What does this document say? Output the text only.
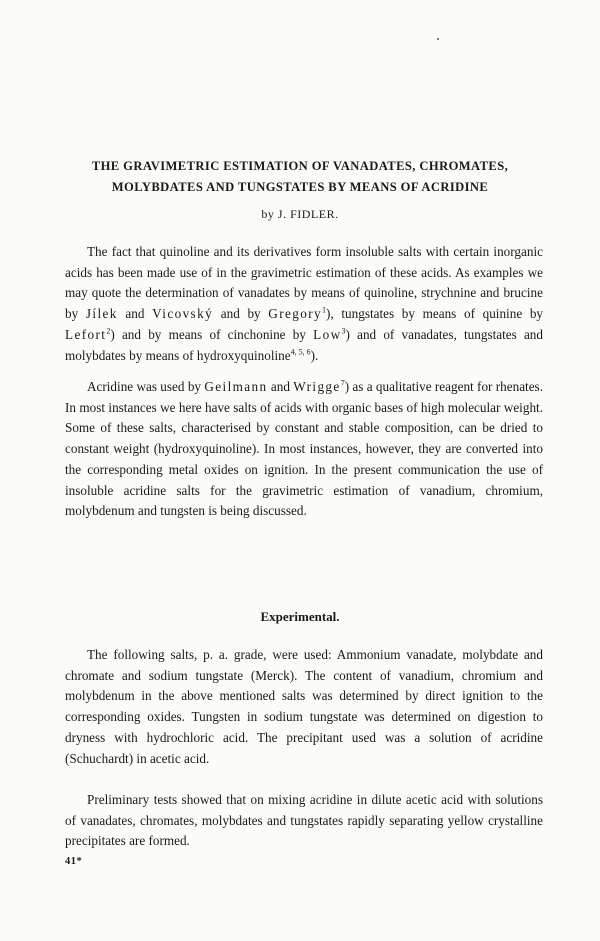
THE GRAVIMETRIC ESTIMATION OF VANADATES, CHROMATES,
MOLYBDATES AND TUNGSTATES BY MEANS OF ACRIDINE
by J. FIDLER.

The fact that quinoline and its derivatives form insoluble salts with certain inorganic acids has been made use of in the gravimetric estimation of these acids. As examples we may quote the determination of vanadates by means of quinoline, strychnine and brucine by Jílek and Vicovský and by Gregory$^1$), tungstates by means of quinine by Lefort$^2$) and by means of cinchonine by Low$^3$) and of vanadates, tungstates and molybdates by means of hydroxyquinoline$^{4, 5, 6}$).

Acridine was used by Geilmann and Wrigge$^7$) as a qualitative reagent for rhenates. In most instances we here have salts of acids with organic bases of high molecular weight. Some of these salts, characterised by constant and stable composition, can be dried to constant weight (hydroxyquinoline). In most instances, however, they are converted into the corresponding metal oxides on ignition. In the present communication the use of insoluble acridine salts for the gravimetric estimation of vanadium, chromium, molybdenum and tungsten is being discussed.

Experimental.

The following salts, p. a. grade, were used: Ammonium vanadate, molybdate and chromate and sodium tungstate (Merck). The content of vanadium, chromium and molybdenum in the above mentioned salts was determined by direct ignition to the corresponding oxides. Tungsten in sodium tungstate was determined on digestion to dryness with hydrochloric acid. The precipitant used was a solution of acridine (Schuchardt) in acetic acid.

Preliminary tests showed that on mixing acridine in dilute acetic acid with solutions of vanadates, chromates, molybdates and tungstates rapidly separating yellow crystalline precipitates are formed.

41*
